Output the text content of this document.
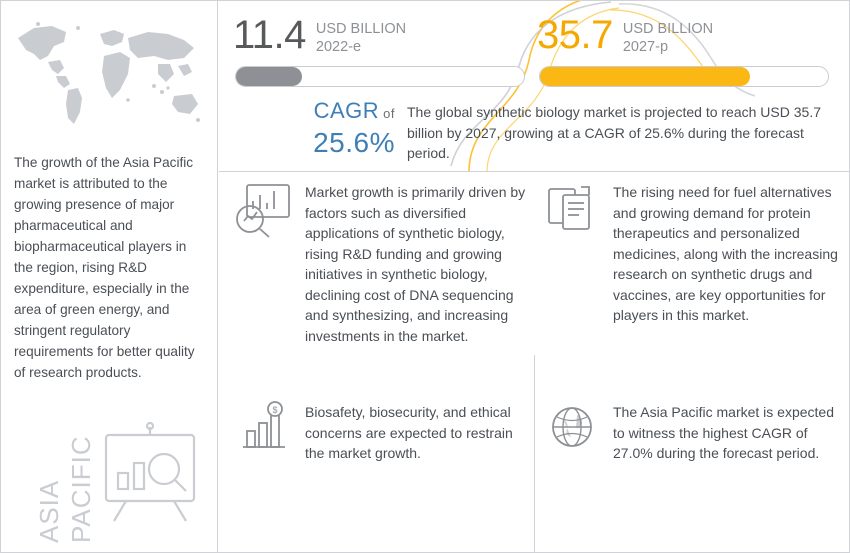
The growth of the Asia Pacific market is attributed to the growing presence of major pharmaceutical and biopharmaceutical players in the region, rising R&D expenditure, especially in the area of green energy, and stringent regulatory requirements for better quality of research products.
ASIA PACIFIC
11.4 USD BILLION
2022-e	35.7 USD BILLION
2027-p
CAGR of
25.6%
The global synthetic biology market is projected to reach USD 35.7 billion by 2027, growing at a CAGR of 25.6% during the forecast period.
Market growth is primarily driven by factors such as diversified applications of synthetic biology, rising R&D funding and growing initiatives in synthetic biology, declining cost of DNA sequencing and synthesizing, and increasing investments in the market.
The rising need for fuel alternatives and growing demand for protein therapeutics and personalized medicines, along with the increasing research on synthetic drugs and vaccines, are key opportunities for players in this market.
$ Biosafety, biosecurity, and ethical concerns are expected to restrain the market growth.
The Asia Pacific market is expected to witness the highest CAGR of 27.0% during the forecast period.
